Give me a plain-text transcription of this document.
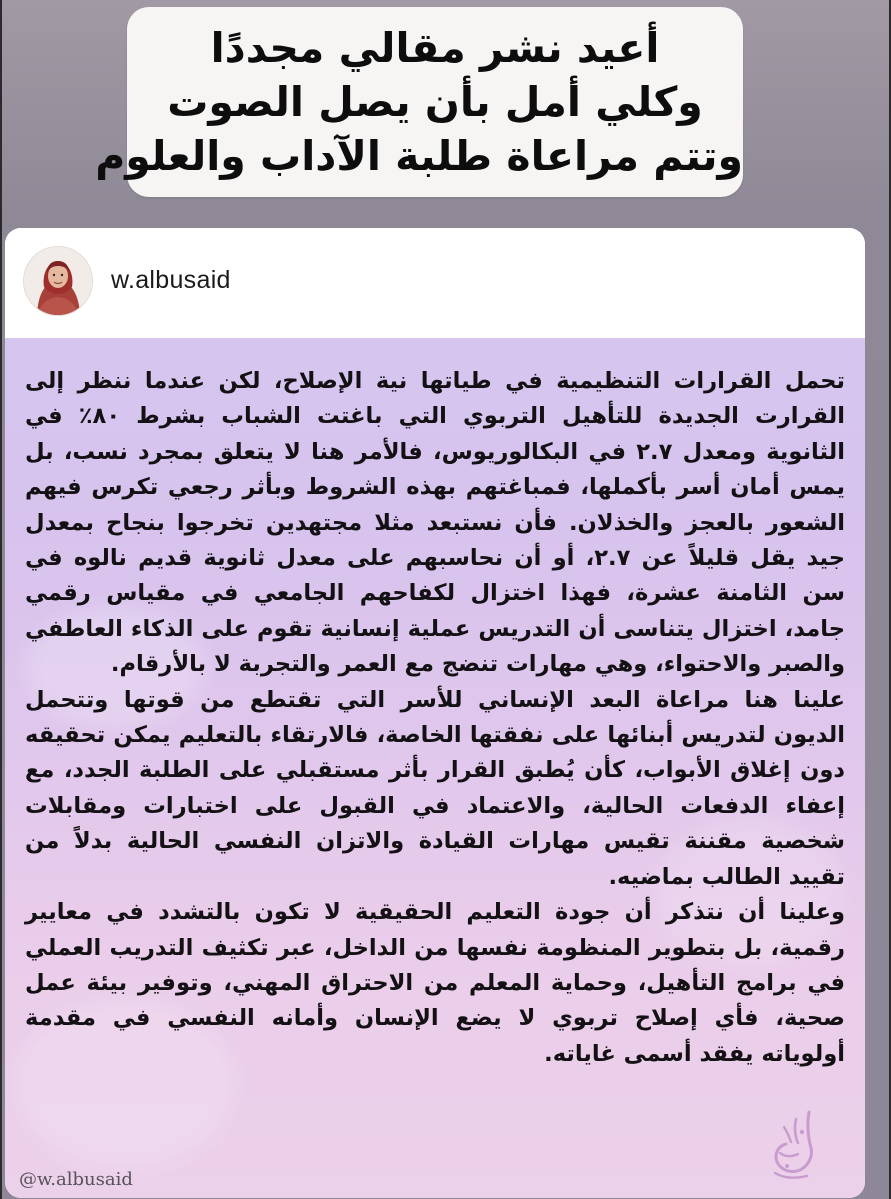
أعيد نشر مقالي مجددًا
وكلي أمل بأن يصل الصوت
وتتم مراعاة طلبة الآداب والعلوم
w.albusaid

تحمل القرارات التنظيمية في طياتها نية الإصلاح، لكن عندما ننظر إلى القرارت الجديدة للتأهيل التربوي التي باغتت الشباب بشرط ٨٠٪ في الثانوية ومعدل ٢.٧ في البكالوريوس، فالأمر هنا لا يتعلق بمجرد نسب، بل يمس أمان أسر بأكملها، فمباغتهم بهذه الشروط وبأثر رجعي تكرس فيهم الشعور بالعجز والخذلان. فأن نستبعد مثلا مجتهدين تخرجوا بنجاح بمعدل جيد يقل قليلاً عن ٢.٧، أو أن نحاسبهم على معدل ثانوية قديم نالوه في سن الثامنة عشرة، فهذا اختزال لكفاحهم الجامعي في مقياس رقمي جامد، اختزال يتناسى أن التدريس عملية إنسانية تقوم على الذكاء العاطفي والصبر والاحتواء، وهي مهارات تنضج مع العمر والتجربة لا بالأرقام.

علينا هنا مراعاة البعد الإنساني للأسر التي تقتطع من قوتها وتتحمل الديون لتدريس أبنائها على نفقتها الخاصة، فالارتقاء بالتعليم يمكن تحقيقه دون إغلاق الأبواب، كأن يُطبق القرار بأثر مستقبلي على الطلبة الجدد، مع إعفاء الدفعات الحالية، والاعتماد في القبول على اختبارات ومقابلات شخصية مقننة تقيس مهارات القيادة والاتزان النفسي الحالية بدلاً من تقييد الطالب بماضيه.

وعلينا أن نتذكر أن جودة التعليم الحقيقية لا تكون بالتشدد في معايير رقمية، بل بتطوير المنظومة نفسها من الداخل، عبر تكثيف التدريب العملي في برامج التأهيل، وحماية المعلم من الاحتراق المهني، وتوفير بيئة عمل صحية، فأي إصلاح تربوي لا يضع الإنسان وأمانه النفسي في مقدمة أولوياته يفقد أسمى غاياته.

@w.albusaid
